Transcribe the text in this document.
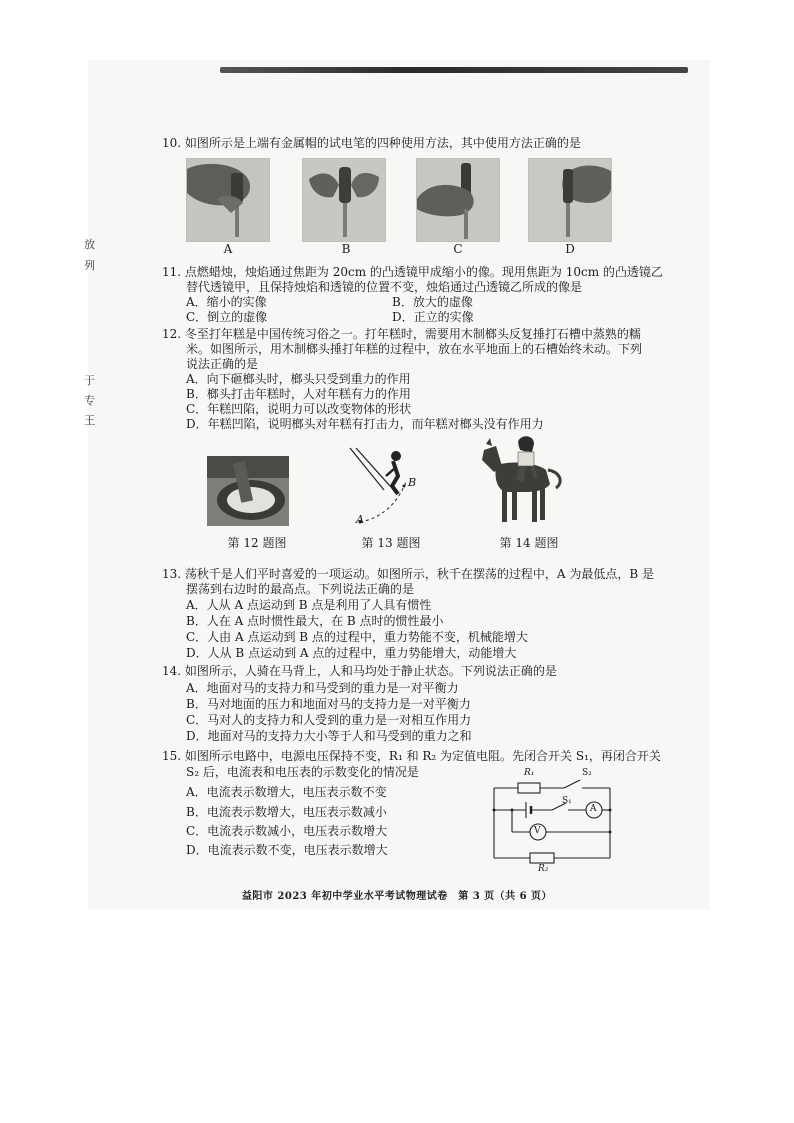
放
列
于
专
王
10. 如图所示是上端有金属帽的试电笔的四种使用方法，其中使用方法正确的是
A	B	C	D
11. 点燃蜡烛，烛焰通过焦距为 20cm 的凸透镜甲成缩小的像。现用焦距为 10cm 的凸透镜乙
替代透镜甲，且保持烛焰和透镜的位置不变，烛焰通过凸透镜乙所成的像是
A．缩小的实像	B．放大的虚像
C．倒立的虚像	D．正立的实像
12. 冬至打年糕是中国传统习俗之一。打年糕时，需要用木制榔头反复捶打石槽中蒸熟的糯
米。如图所示，用木制榔头捶打年糕的过程中，放在水平地面上的石槽始终未动。下列
说法正确的是
A．向下砸榔头时，榔头只受到重力的作用
B．榔头打击年糕时，人对年糕有力的作用
C．年糕凹陷，说明力可以改变物体的形状
D．年糕凹陷，说明榔头对年糕有打击力，而年糕对榔头没有作用力
A
B
第 12 题图	第 13 题图	第 14 题图
13. 荡秋千是人们平时喜爱的一项运动。如图所示，秋千在摆荡的过程中，A 为最低点，B 是
摆荡到右边时的最高点。下列说法正确的是
A．人从 A 点运动到 B 点是利用了人具有惯性
B．人在 A 点时惯性最大，在 B 点时的惯性最小
C．人由 A 点运动到 B 点的过程中，重力势能不变，机械能增大
D．人从 B 点运动到 A 点的过程中，重力势能增大，动能增大
14. 如图所示，人骑在马背上，人和马均处于静止状态。下列说法正确的是
A．地面对马的支持力和马受到的重力是一对平衡力
B．马对地面的压力和地面对马的支持力是一对平衡力
C．马对人的支持力和人受到的重力是一对相互作用力
D．地面对马的支持力大小等于人和马受到的重力之和
15. 如图所示电路中，电源电压保持不变，R₁ 和 R₂ 为定值电阻。先闭合开关 S₁，再闭合开关
S₂ 后，电流表和电压表的示数变化的情况是
A．电流表示数增大，电压表示数不变
B．电流表示数增大，电压表示数减小
C．电流表示数减小，电压表示数增大
D．电流表示数不变，电压表示数增大
R₁	S₂
S₁
A
V
R₂
益阳市 2023 年初中学业水平考试物理试卷　第 3 页（共 6 页）
